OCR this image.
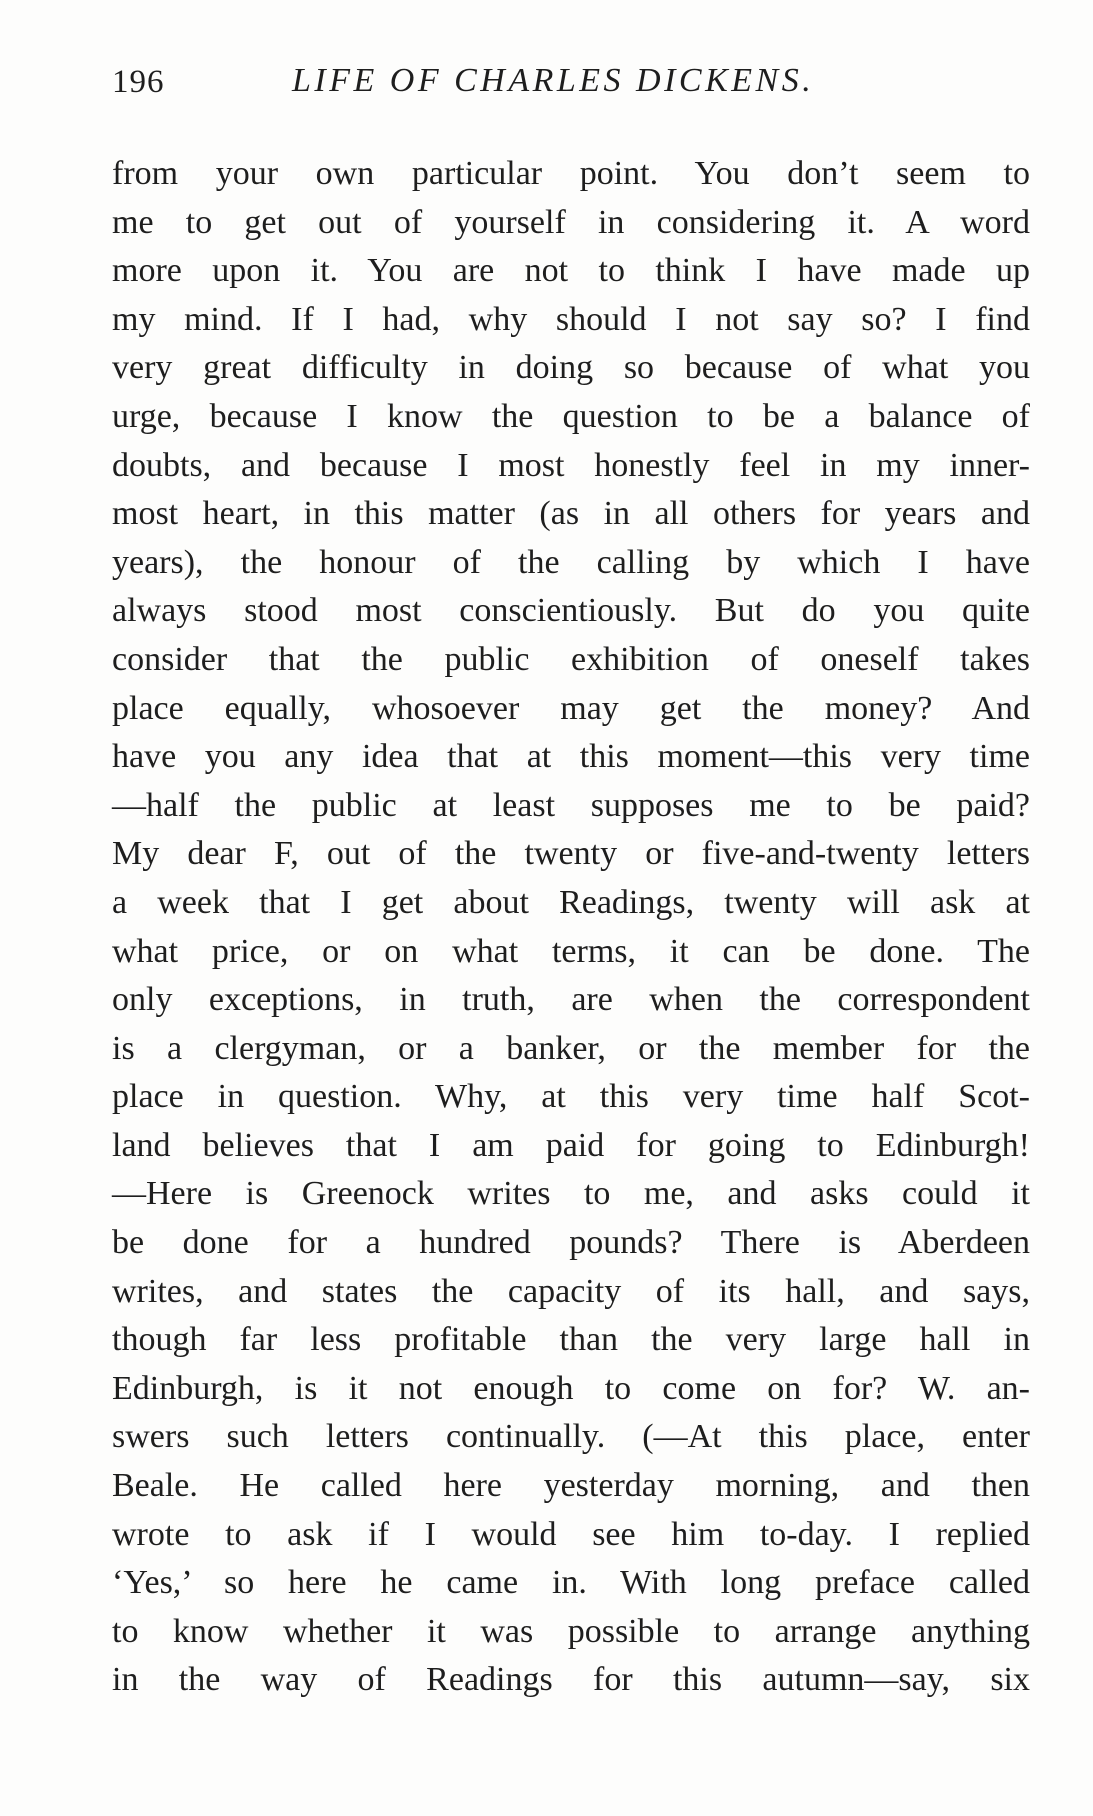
196	LIFE OF CHARLES DICKENS.
from your own particular point. You don’t seem to
me to get out of yourself in considering it. A word
more upon it. You are not to think I have made up
my mind. If I had, why should I not say so? I find
very great difficulty in doing so because of what you
urge, because I know the question to be a balance of
doubts, and because I most honestly feel in my inner-
most heart, in this matter (as in all others for years and
years), the honour of the calling by which I have
always stood most conscientiously. But do you quite
consider that the public exhibition of oneself takes
place equally, whosoever may get the money? And
have you any idea that at this moment—this very time
—half the public at least supposes me to be paid?
My dear F, out of the twenty or five-and-twenty letters
a week that I get about Readings, twenty will ask at
what price, or on what terms, it can be done. The
only exceptions, in truth, are when the correspondent
is a clergyman, or a banker, or the member for the
place in question. Why, at this very time half Scot-
land believes that I am paid for going to Edinburgh!
—Here is Greenock writes to me, and asks could it
be done for a hundred pounds? There is Aberdeen
writes, and states the capacity of its hall, and says,
though far less profitable than the very large hall in
Edinburgh, is it not enough to come on for? W. an-
swers such letters continually. (—At this place, enter
Beale. He called here yesterday morning, and then
wrote to ask if I would see him to-day. I replied
‘Yes,’ so here he came in. With long preface called
to know whether it was possible to arrange anything
in the way of Readings for this autumn—say, six
